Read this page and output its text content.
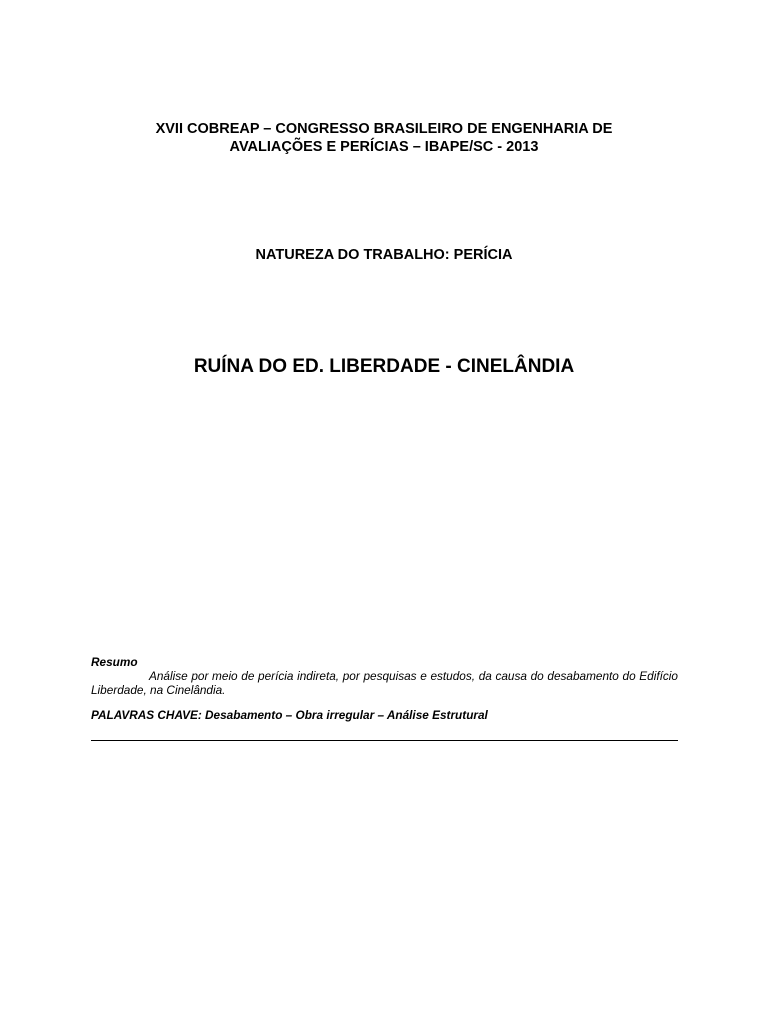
XVII COBREAP – CONGRESSO BRASILEIRO DE ENGENHARIA DE
AVALIAÇÕES E PERÍCIAS – IBAPE/SC - 2013
NATUREZA DO TRABALHO: PERÍCIA
RUÍNA DO ED. LIBERDADE - CINELÂNDIA
Resumo
Análise por meio de perícia indireta, por pesquisas e estudos, da causa do desabamento do Edifício Liberdade, na Cinelândia.
PALAVRAS CHAVE: Desabamento – Obra irregular – Análise Estrutural
